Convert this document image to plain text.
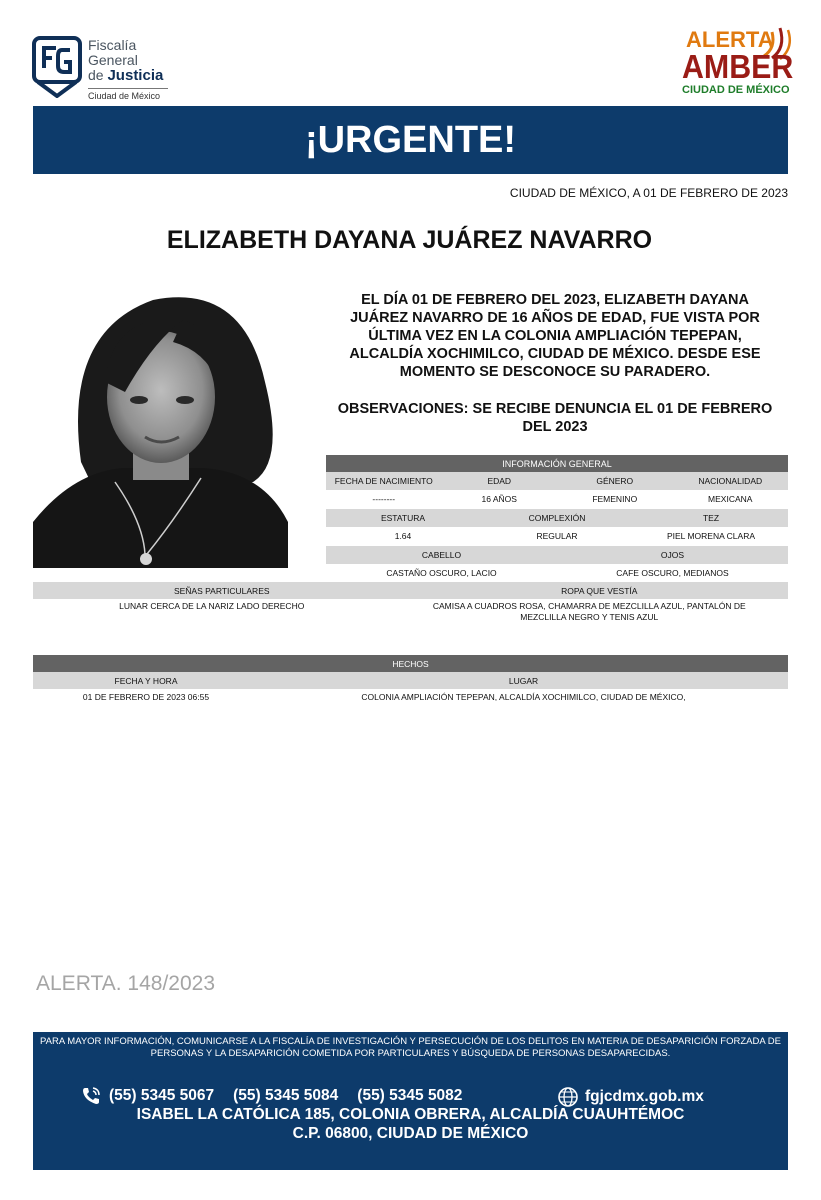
Fiscalía
General
de Justicia
Ciudad de México
ALERTA
AMBER
CIUDAD DE MÉXICO
¡URGENTE!
CIUDAD DE MÉXICO, A 01 DE FEBRERO DE 2023
ELIZABETH DAYANA JUÁREZ NAVARRO
EL DÍA 01 DE FEBRERO DEL 2023, ELIZABETH DAYANA JUÁREZ NAVARRO DE 16 AÑOS DE EDAD, FUE VISTA POR ÚLTIMA VEZ EN LA COLONIA AMPLIACIÓN TEPEPAN, ALCALDÍA XOCHIMILCO, CIUDAD DE MÉXICO. DESDE ESE MOMENTO SE DESCONOCE SU PARADERO.
OBSERVACIONES: SE RECIBE DENUNCIA EL 01 DE FEBRERO DEL 2023
INFORMACIÓN GENERAL
FECHA DE NACIMIENTO	EDAD	GÉNERO	NACIONALIDAD
--------	16 AÑOS	FEMENINO	MEXICANA
ESTATURA	COMPLEXIÓN	TEZ
1.64	REGULAR	PIEL MORENA CLARA
CABELLO	OJOS
CASTAÑO OSCURO, LACIO	CAFE OSCURO, MEDIANOS
SEÑAS PARTICULARES	ROPA QUE VESTÍA
LUNAR CERCA DE LA NARIZ LADO DERECHO	CAMISA A CUADROS ROSA, CHAMARRA DE MEZCLILLA AZUL, PANTALÓN DE MEZCLILLA NEGRO Y TENIS AZUL
HECHOS
FECHA Y HORA	LUGAR
01 DE FEBRERO DE 2023 06:55	COLONIA AMPLIACIÓN TEPEPAN, ALCALDÍA XOCHIMILCO, CIUDAD DE MÉXICO,
ALERTA. 148/2023
PARA MAYOR INFORMACIÓN, COMUNICARSE A LA FISCALÍA DE INVESTIGACIÓN Y PERSECUCIÓN DE LOS DELITOS EN MATERIA DE DESAPARICIÓN FORZADA DE PERSONAS Y LA DESAPARICIÓN COMETIDA POR PARTICULARES Y BÚSQUEDA DE PERSONAS DESAPARECIDAS.
(55) 5345 5067 (55) 5345 5084 (55) 5345 5082	fgjcdmx.gob.mx
ISABEL LA CATÓLICA 185, COLONIA OBRERA, ALCALDÍA CUAUHTÉMOC
C.P. 06800, CIUDAD DE MÉXICO
